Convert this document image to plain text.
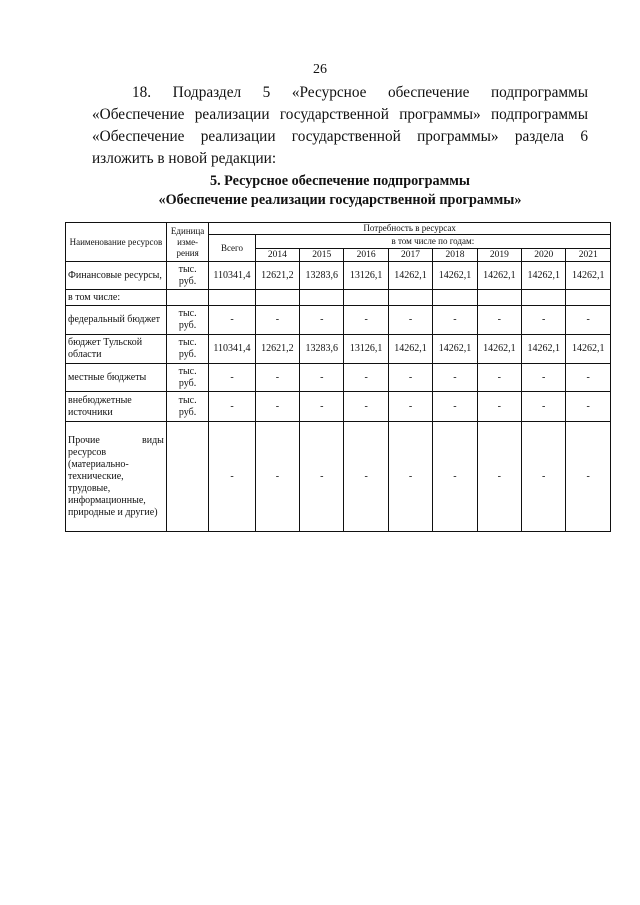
26

18. Подраздел 5 «Ресурсное обеспечение подпрограммы «Обеспечение реализации государственной программы» подпрограммы «Обеспечение реализации государственной программы» раздела 6 изложить в новой редакции:

5. Ресурсное обеспечение подпрограммы
«Обеспечение реализации государственной программы»
Наименование ресурсов	Единица изме-рения	Потребность в ресурсах								
		Всего	в том числе по годам:							
			2014	2015	2016	2017	2018	2019	2020	2021
Финансовые ресурсы,	тыс. руб.	110341,4	12621,2	13283,6	13126,1	14262,1	14262,1	14262,1	14262,1	14262,1
в том числе:										
федеральный бюджет	тыс. руб.	-	-	-	-	-	-	-	-	-
бюджет Тульской области	тыс. руб.	110341,4	12621,2	13283,6	13126,1	14262,1	14262,1	14262,1	14262,1	14262,1
местные бюджеты	тыс. руб.	-	-	-	-	-	-	-	-	-
внебюджетные источники	тыс. руб.	-	-	-	-	-	-	-	-	-
Прочие виды ресурсов (материально-технические, трудовые, информационные, природные и другие)		-	-	-	-	-	-	-	-	-
